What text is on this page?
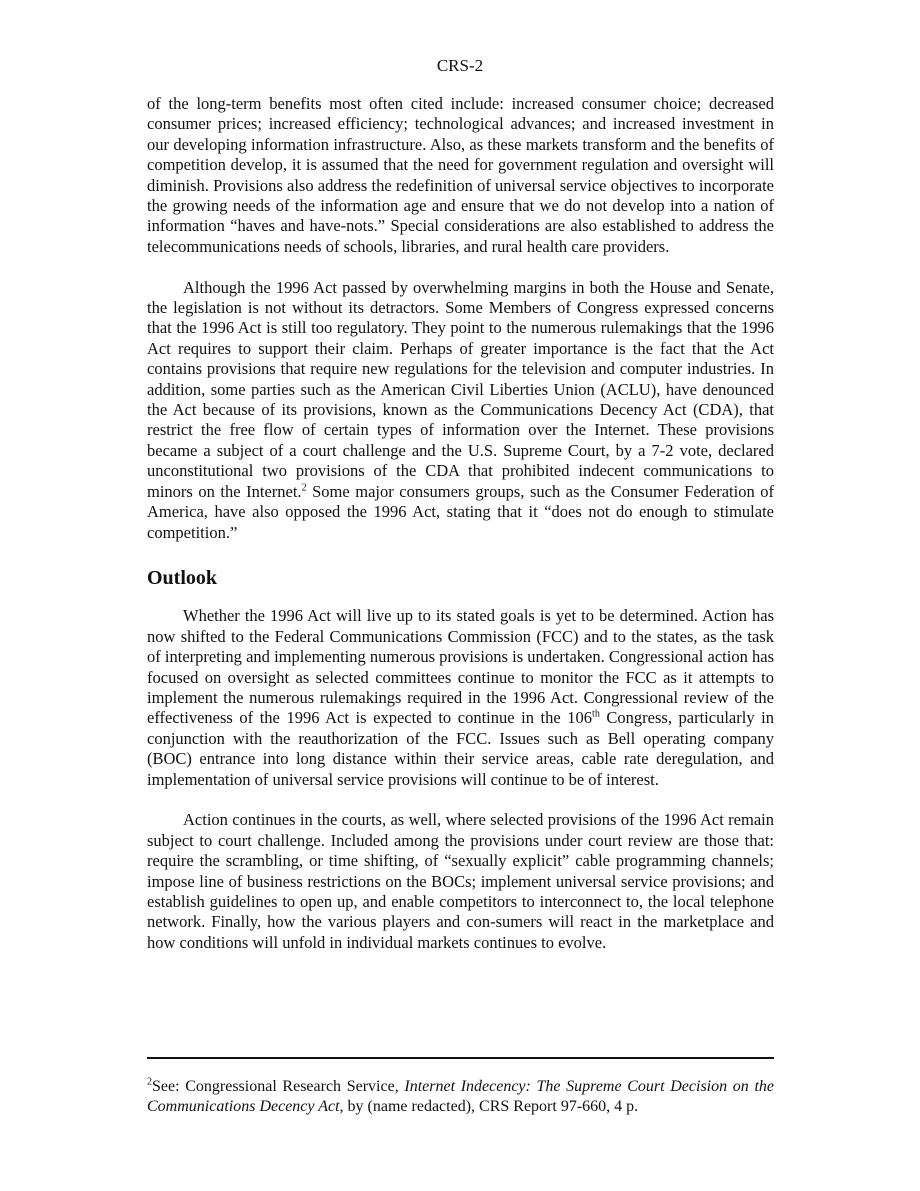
CRS-2

of the long-term benefits most often cited include: increased consumer choice; decreased consumer prices; increased efficiency; technological advances; and increased investment in our developing information infrastructure. Also, as these markets transform and the benefits of competition develop, it is assumed that the need for government regulation and oversight will diminish. Provisions also address the redefinition of universal service objectives to incorporate the growing needs of the information age and ensure that we do not develop into a nation of information “haves and have-nots.” Special considerations are also established to address the telecommunications needs of schools, libraries, and rural health care providers.

Although the 1996 Act passed by overwhelming margins in both the House and Senate, the legislation is not without its detractors. Some Members of Congress expressed concerns that the 1996 Act is still too regulatory. They point to the numerous rulemakings that the 1996 Act requires to support their claim. Perhaps of greater importance is the fact that the Act contains provisions that require new regulations for the television and computer industries. In addition, some parties such as the American Civil Liberties Union (ACLU), have denounced the Act because of its provisions, known as the Communications Decency Act (CDA), that restrict the free flow of certain types of information over the Internet. These provisions became a subject of a court challenge and the U.S. Supreme Court, by a 7-2 vote, declared unconstitutional two provisions of the CDA that prohibited indecent communications to minors on the Internet.$^2$ Some major consumers groups, such as the Consumer Federation of America, have also opposed the 1996 Act, stating that it “does not do enough to stimulate competition.”

Outlook

Whether the 1996 Act will live up to its stated goals is yet to be determined. Action has now shifted to the Federal Communications Commission (FCC) and to the states, as the task of interpreting and implementing numerous provisions is undertaken. Congressional action has focused on oversight as selected committees continue to monitor the FCC as it attempts to implement the numerous rulemakings required in the 1996 Act. Congressional review of the effectiveness of the 1996 Act is expected to continue in the 106th Congress, particularly in conjunction with the reauthorization of the FCC. Issues such as Bell operating company (BOC) entrance into long distance within their service areas, cable rate deregulation, and implementation of universal service provisions will continue to be of interest.

Action continues in the courts, as well, where selected provisions of the 1996 Act remain subject to court challenge. Included among the provisions under court review are those that: require the scrambling, or time shifting, of “sexually explicit” cable programming channels; impose line of business restrictions on the BOCs; implement universal service provisions; and establish guidelines to open up, and enable competitors to interconnect to, the local telephone network. Finally, how the various players and con-sumers will react in the marketplace and how conditions will unfold in individual markets continues to evolve.

$^2$See: Congressional Research Service, Internet Indecency: The Supreme Court Decision on the Communications Decency Act, by (name redacted), CRS Report 97-660, 4 p.
